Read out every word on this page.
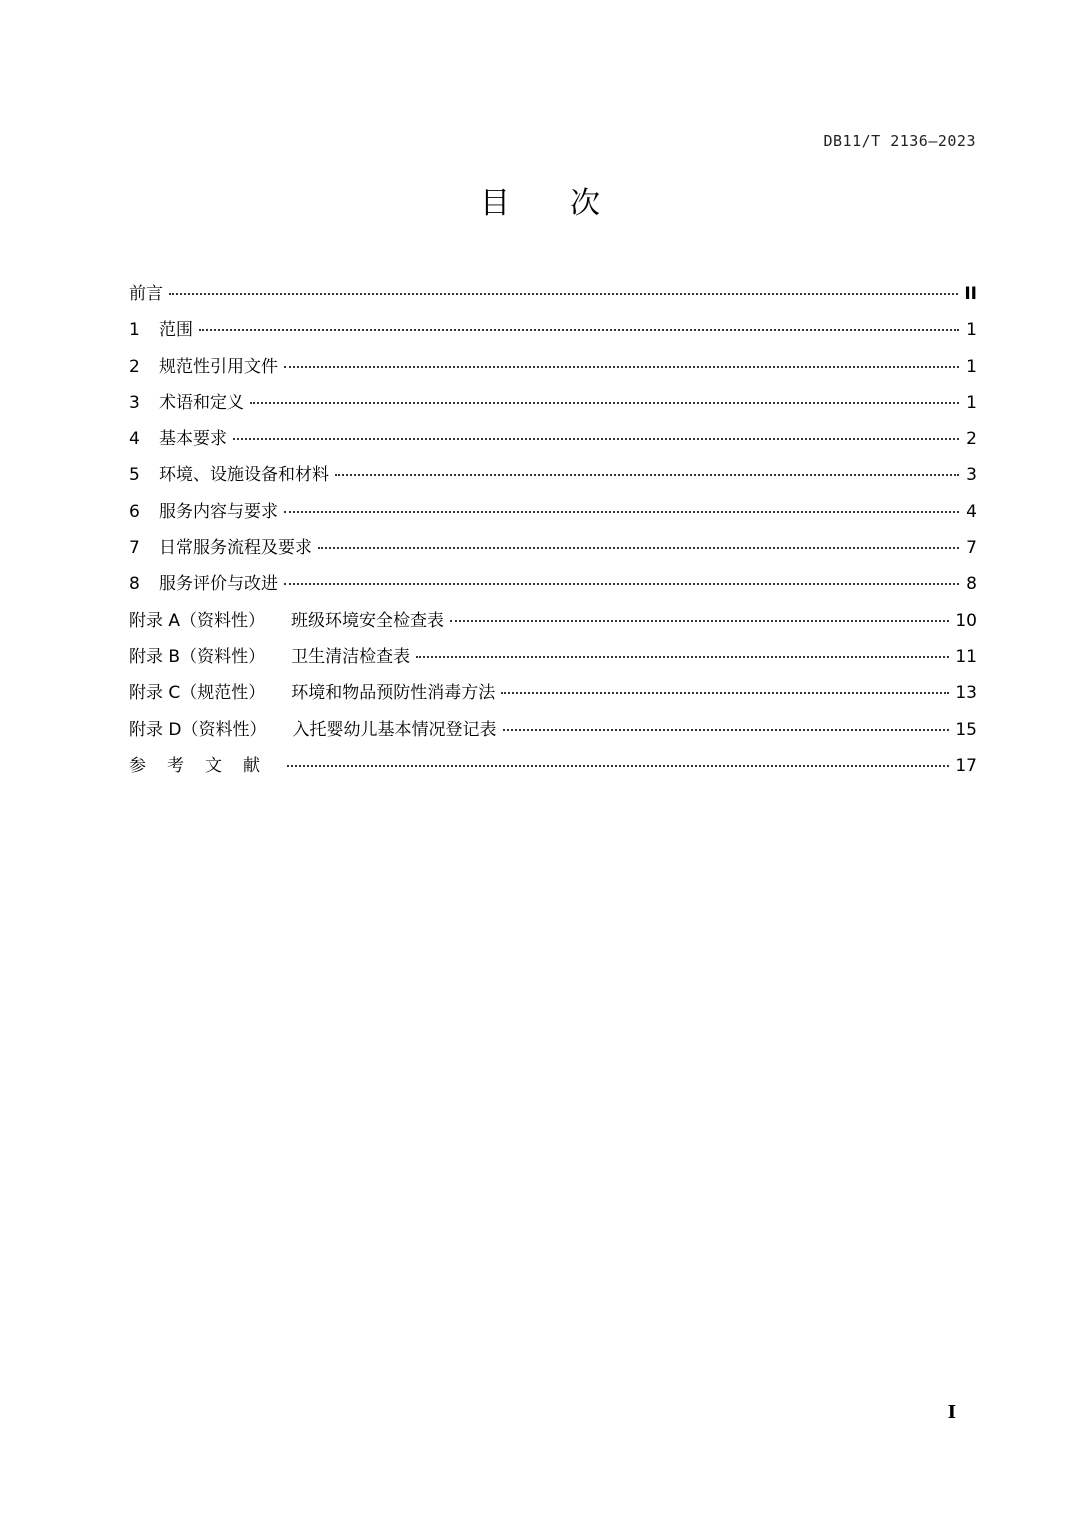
DB11/T 2136—2023
目　　次
前言	II
1	范围	1
2	规范性引用文件	1
3	术语和定义	1
4	基本要求	2
5	环境、设施设备和材料	3
6	服务内容与要求	4
7	日常服务流程及要求	7
8	服务评价与改进	8
附录 A（资料性） 班级环境安全检查表	10
附录 B（资料性） 卫生清洁检查表	11
附录 C（规范性） 环境和物品预防性消毒方法	13
附录 D（资料性） 入托婴幼儿基本情况登记表	15
参考文献	17
I
